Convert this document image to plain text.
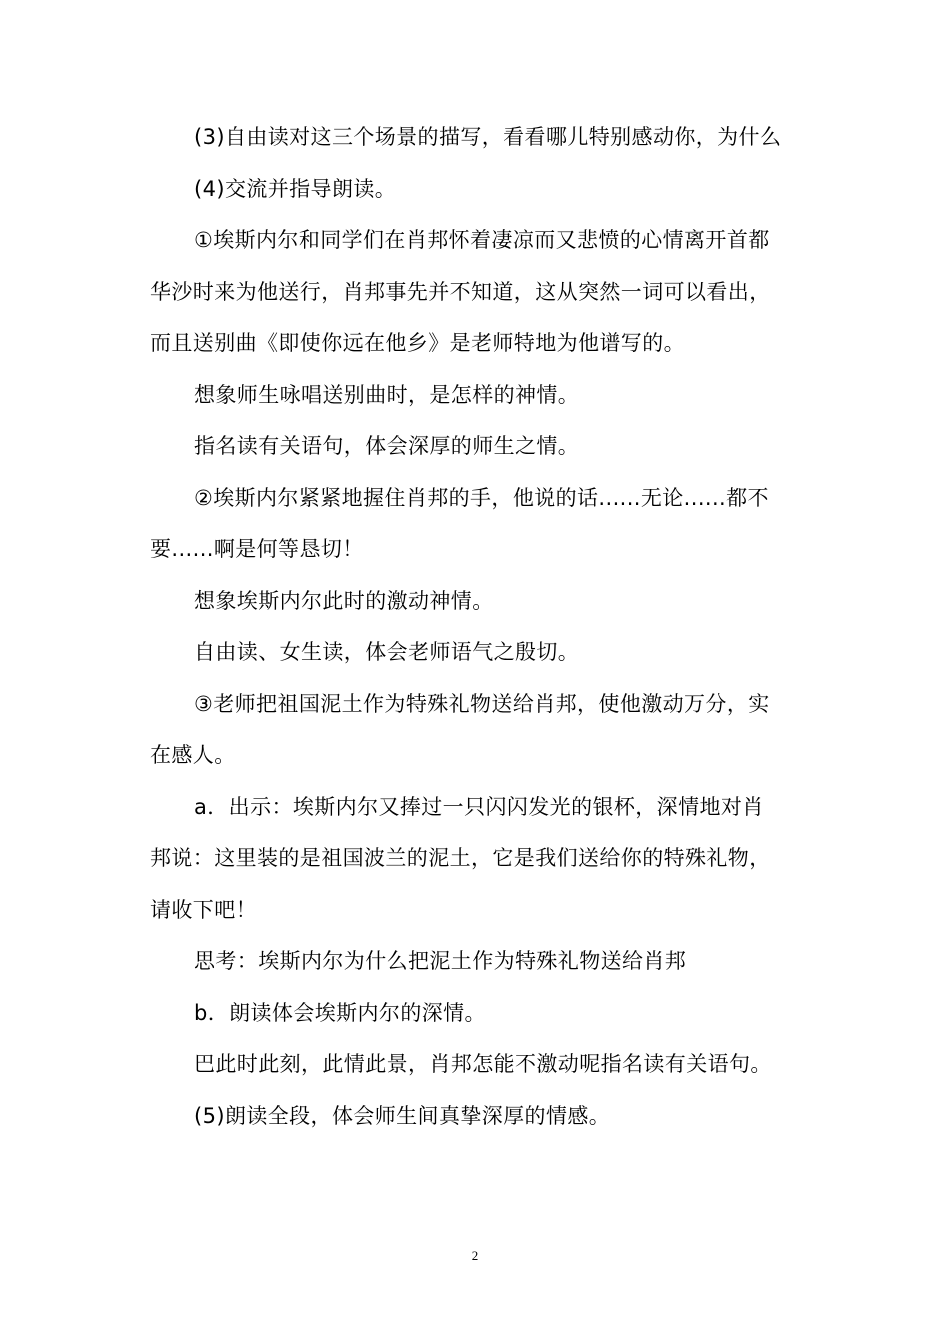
(3)自由读对这三个场景的描写，看看哪儿特别感动你，为什么
(4)交流并指导朗读。
①埃斯内尔和同学们在肖邦怀着凄凉而又悲愤的心情离开首都
华沙时来为他送行，肖邦事先并不知道，这从突然一词可以看出，
而且送别曲《即使你远在他乡》是老师特地为他谱写的。
想象师生咏唱送别曲时，是怎样的神情。
指名读有关语句，体会深厚的师生之情。
②埃斯内尔紧紧地握住肖邦的手，他说的话......无论......都不
要......啊是何等恳切！
想象埃斯内尔此时的激动神情。
自由读、女生读，体会老师语气之殷切。
③老师把祖国泥土作为特殊礼物送给肖邦，使他激动万分，实
在感人。
a．出示：埃斯内尔又捧过一只闪闪发光的银杯，深情地对肖
邦说：这里装的是祖国波兰的泥土，它是我们送给你的特殊礼物，
请收下吧！
思考：埃斯内尔为什么把泥土作为特殊礼物送给肖邦
b．朗读体会埃斯内尔的深情。
巴此时此刻，此情此景，肖邦怎能不激动呢指名读有关语句。
(5)朗读全段，体会师生间真挚深厚的情感。
2
